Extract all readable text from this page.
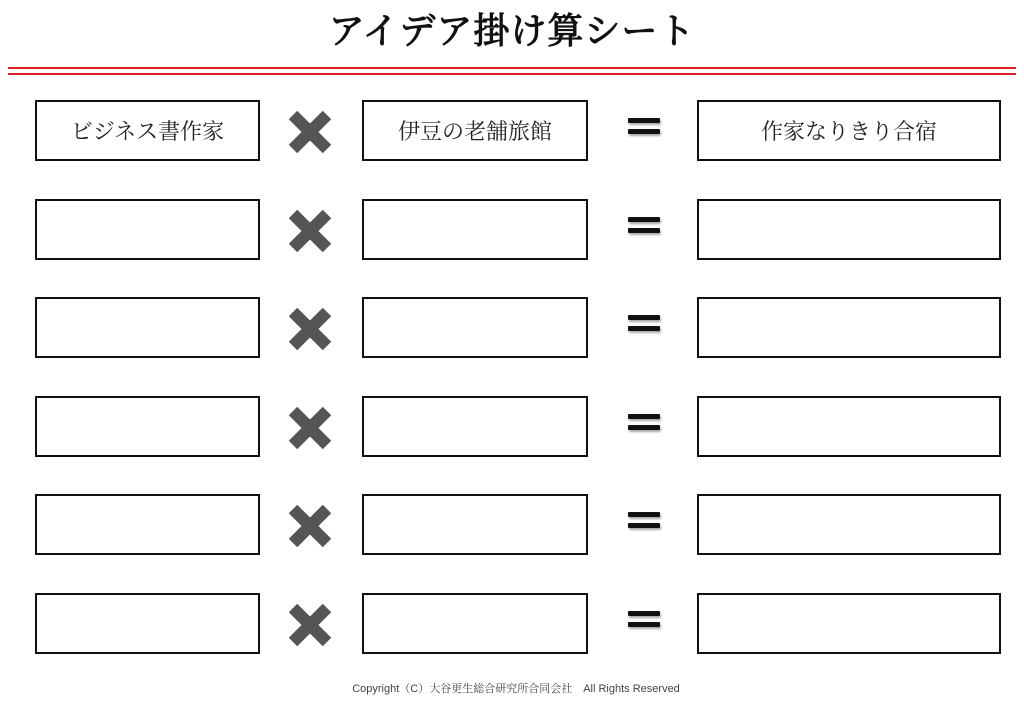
アイデア掛け算シート
ビジネス書作家	伊豆の老舗旅館	作家なりきり合宿
Copyright（C）大谷更生総合研究所合同会社　All Rights Reserved
